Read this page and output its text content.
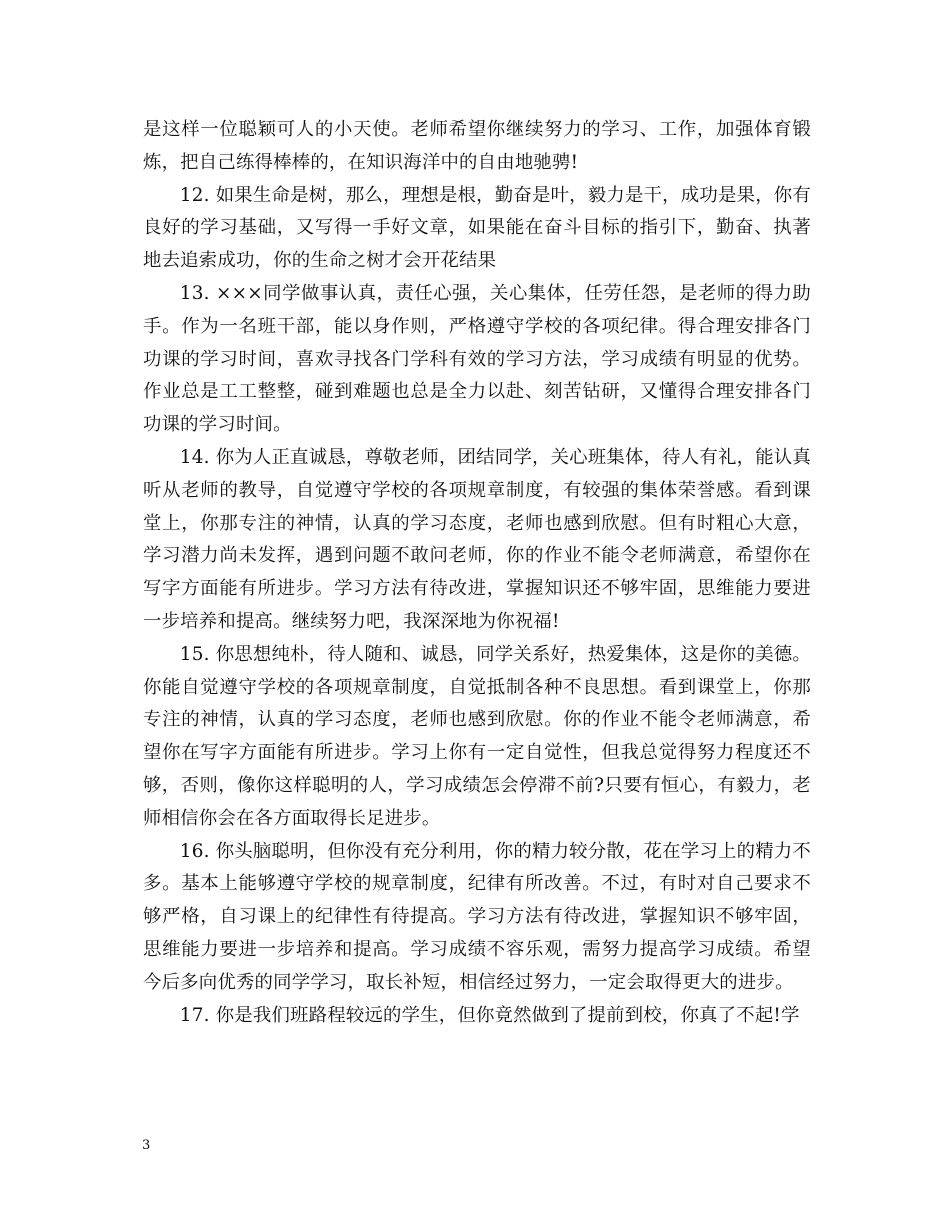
是这样一位聪颖可人的小天使。老师希望你继续努力的学习、工作，加强体育锻炼，把自己练得棒棒的，在知识海洋中的自由地驰骋!

12. 如果生命是树，那么，理想是根，勤奋是叶，毅力是干，成功是果，你有良好的学习基础，又写得一手好文章，如果能在奋斗目标的指引下，勤奋、执著地去追索成功，你的生命之树才会开花结果

13. ×××同学做事认真，责任心强，关心集体，任劳任怨，是老师的得力助手。作为一名班干部，能以身作则，严格遵守学校的各项纪律。得合理安排各门功课的学习时间，喜欢寻找各门学科有效的学习方法，学习成绩有明显的优势。作业总是工工整整，碰到难题也总是全力以赴、刻苦钻研，又懂得合理安排各门功课的学习时间。

14. 你为人正直诚恳，尊敬老师，团结同学，关心班集体，待人有礼，能认真听从老师的教导，自觉遵守学校的各项规章制度，有较强的集体荣誉感。看到课堂上，你那专注的神情，认真的学习态度，老师也感到欣慰。但有时粗心大意，学习潜力尚未发挥，遇到问题不敢问老师，你的作业不能令老师满意，希望你在写字方面能有所进步。学习方法有待改进，掌握知识还不够牢固，思维能力要进一步培养和提高。继续努力吧，我深深地为你祝福!

15. 你思想纯朴，待人随和、诚恳，同学关系好，热爱集体，这是你的美德。你能自觉遵守学校的各项规章制度，自觉抵制各种不良思想。看到课堂上，你那专注的神情，认真的学习态度，老师也感到欣慰。你的作业不能令老师满意，希望你在写字方面能有所进步。学习上你有一定自觉性，但我总觉得努力程度还不够，否则，像你这样聪明的人，学习成绩怎会停滞不前?只要有恒心，有毅力，老师相信你会在各方面取得长足进步。

16. 你头脑聪明，但你没有充分利用，你的精力较分散，花在学习上的精力不多。基本上能够遵守学校的规章制度，纪律有所改善。不过，有时对自己要求不够严格，自习课上的纪律性有待提高。学习方法有待改进，掌握知识不够牢固，思维能力要进一步培养和提高。学习成绩不容乐观，需努力提高学习成绩。希望今后多向优秀的同学学习，取长补短，相信经过努力，一定会取得更大的进步。

17. 你是我们班路程较远的学生，但你竟然做到了提前到校，你真了不起!学

3
